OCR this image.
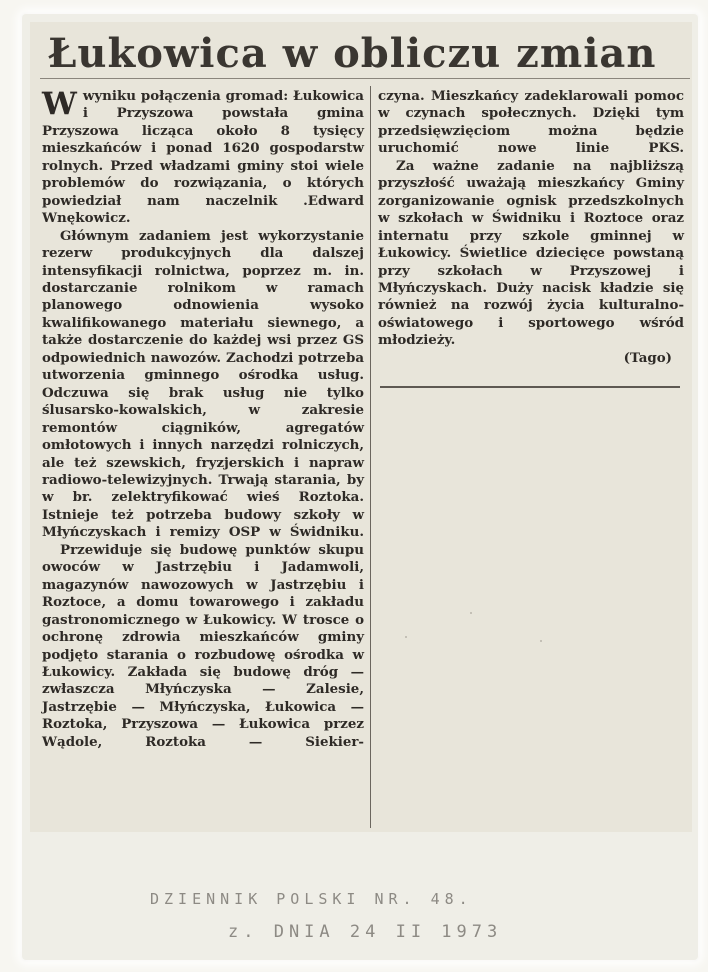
Łukowica w obliczu zmian

Wwyniku połączenia gromad: Łukowica i Przyszowa powstała gmina Przyszowa licząca około 8 tysięcy mieszkańców i ponad 1620 gospodarstw rolnych. Przed władzami gminy stoi wiele problemów do rozwiązania, o których powiedział nam naczelnik .Edward Wnękowicz.

Głównym zadaniem jest wykorzystanie rezerw produkcyjnych dla dalszej intensyfikacji rolnictwa, poprzez m. in. dostarczanie rolnikom w ramach planowego odnowienia wysoko kwalifikowanego materiału siewnego, a także dostarczenie do każdej wsi przez GS odpowiednich nawozów. Zachodzi potrzeba utworzenia gminnego ośrodka usług. Odczuwa się brak usług nie tylko ślusarsko-kowalskich, w zakresie remontów ciągników, agregatów omłotowych i innych narzędzi rolniczych, ale też szewskich, fryzjerskich i napraw radiowo-telewizyjnych. Trwają starania, by w br. zelektryfikować wieś Roztoka. Istnieje też potrzeba budowy szkoły w Młyńczyskach i remizy OSP w Świdniku.

Przewiduje się budowę punktów skupu owoców w Jastrzębiu i Jadamwoli, magazynów nawozowych w Jastrzębiu i Roztoce, a domu towarowego i zakładu gastronomicznego w Łukowicy. W trosce o ochronę zdrowia mieszkańców gminy podjęto starania o rozbudowę ośrodka w Łukowicy. Zakłada się budowę dróg — zwłaszcza Młyńczyska — Zalesie, Jastrzębie — Młyńczyska, Łukowica — Roztoka, Przyszowa — Łukowica przez Wądole, Roztoka — Siekier-

czyna. Mieszkańcy zadeklarowali pomoc w czynach społecznych. Dzięki tym przedsięwzięciom można będzie uruchomić nowe linie PKS.

Za ważne zadanie na najbliższą przyszłość uważają mieszkańcy Gminy zorganizowanie ognisk przedszkolnych w szkołach w Świdniku i Roztoce oraz internatu przy szkole gminnej w Łukowicy. Świetlice dziecięce powstaną przy szkołach w Przyszowej i Młyńczyskach. Duży nacisk kładzie się również na rozwój życia kulturalno-oświatowego i sportowego wśród młodzieży.

(Tago)

DZIENNIK POLSKI NR. 48.
z. DNIA 24 II 1973
